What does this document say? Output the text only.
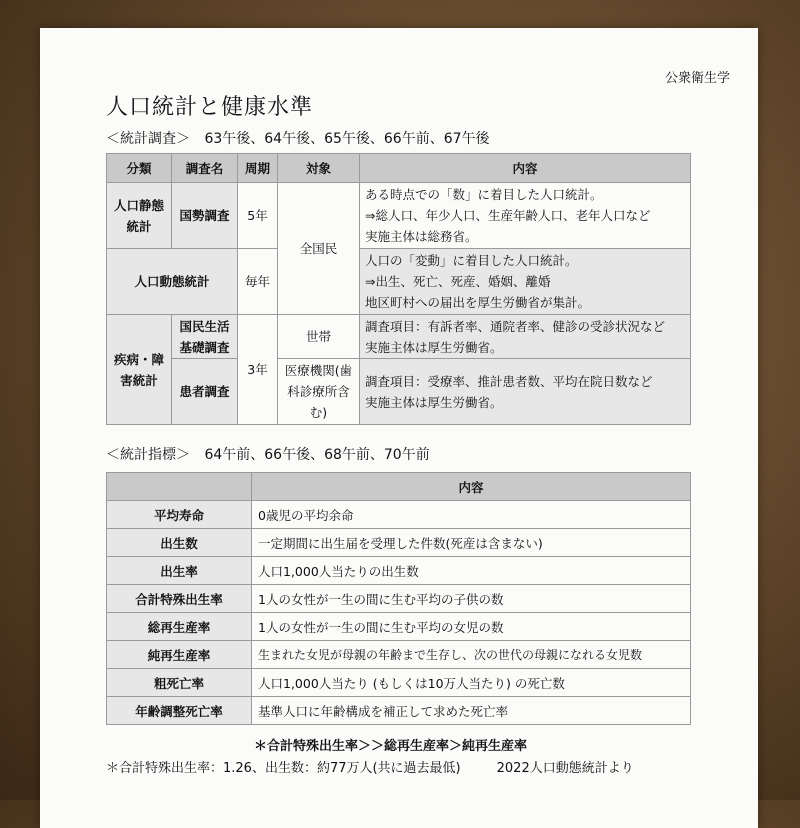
公衆衛生学
人口統計と健康水準
＜統計調査＞ 63午後、64午後、65午後、66午前、67午後
分類	調査名	周期	対象	内容
人口静態統計	国勢調査	5年	全国民	ある時点での「数」に着目した人口統計。
⇒総人口、年少人口、生産年齢人口、老年人口など
実施主体は総務省。

人口動態統計		毎年		人口の「変動」に着目した人口統計。
⇒出生、死亡、死産、婚姻、離婚
地区町村への届出を厚生労働省が集計。

疾病・障害統計	国民生活基礎調査	3年	世帯	調査項目：有訴者率、通院者率、健診の受診状況など
実施主体は厚生労働省。

	患者調査		医療機関(歯科診療所含む)	調査項目：受療率、推計患者数、平均在院日数など
実施主体は厚生労働省。
＜統計指標＞ 64午前、66午後、68午前、70午前
	内容
平均寿命	0歳児の平均余命
出生数	一定期間に出生届を受理した件数(死産は含まない)
出生率	人口1,000人当たりの出生数
合計特殊出生率	1人の女性が一生の間に生む平均の子供の数
総再生産率	1人の女性が一生の間に生む平均の女児の数
純再生産率	生まれた女児が母親の年齢まで生存し、次の世代の母親になれる女児数
粗死亡率	人口1,000人当たり (もしくは10万人当たり) の死亡数
年齢調整死亡率	基準人口に年齢構成を補正して求めた死亡率
＊合計特殊出生率＞＞総再生産率＞純再生産率
＊合計特殊出生率：1.26、出生数：約77万人(共に過去最低)	2022人口動態統計より
